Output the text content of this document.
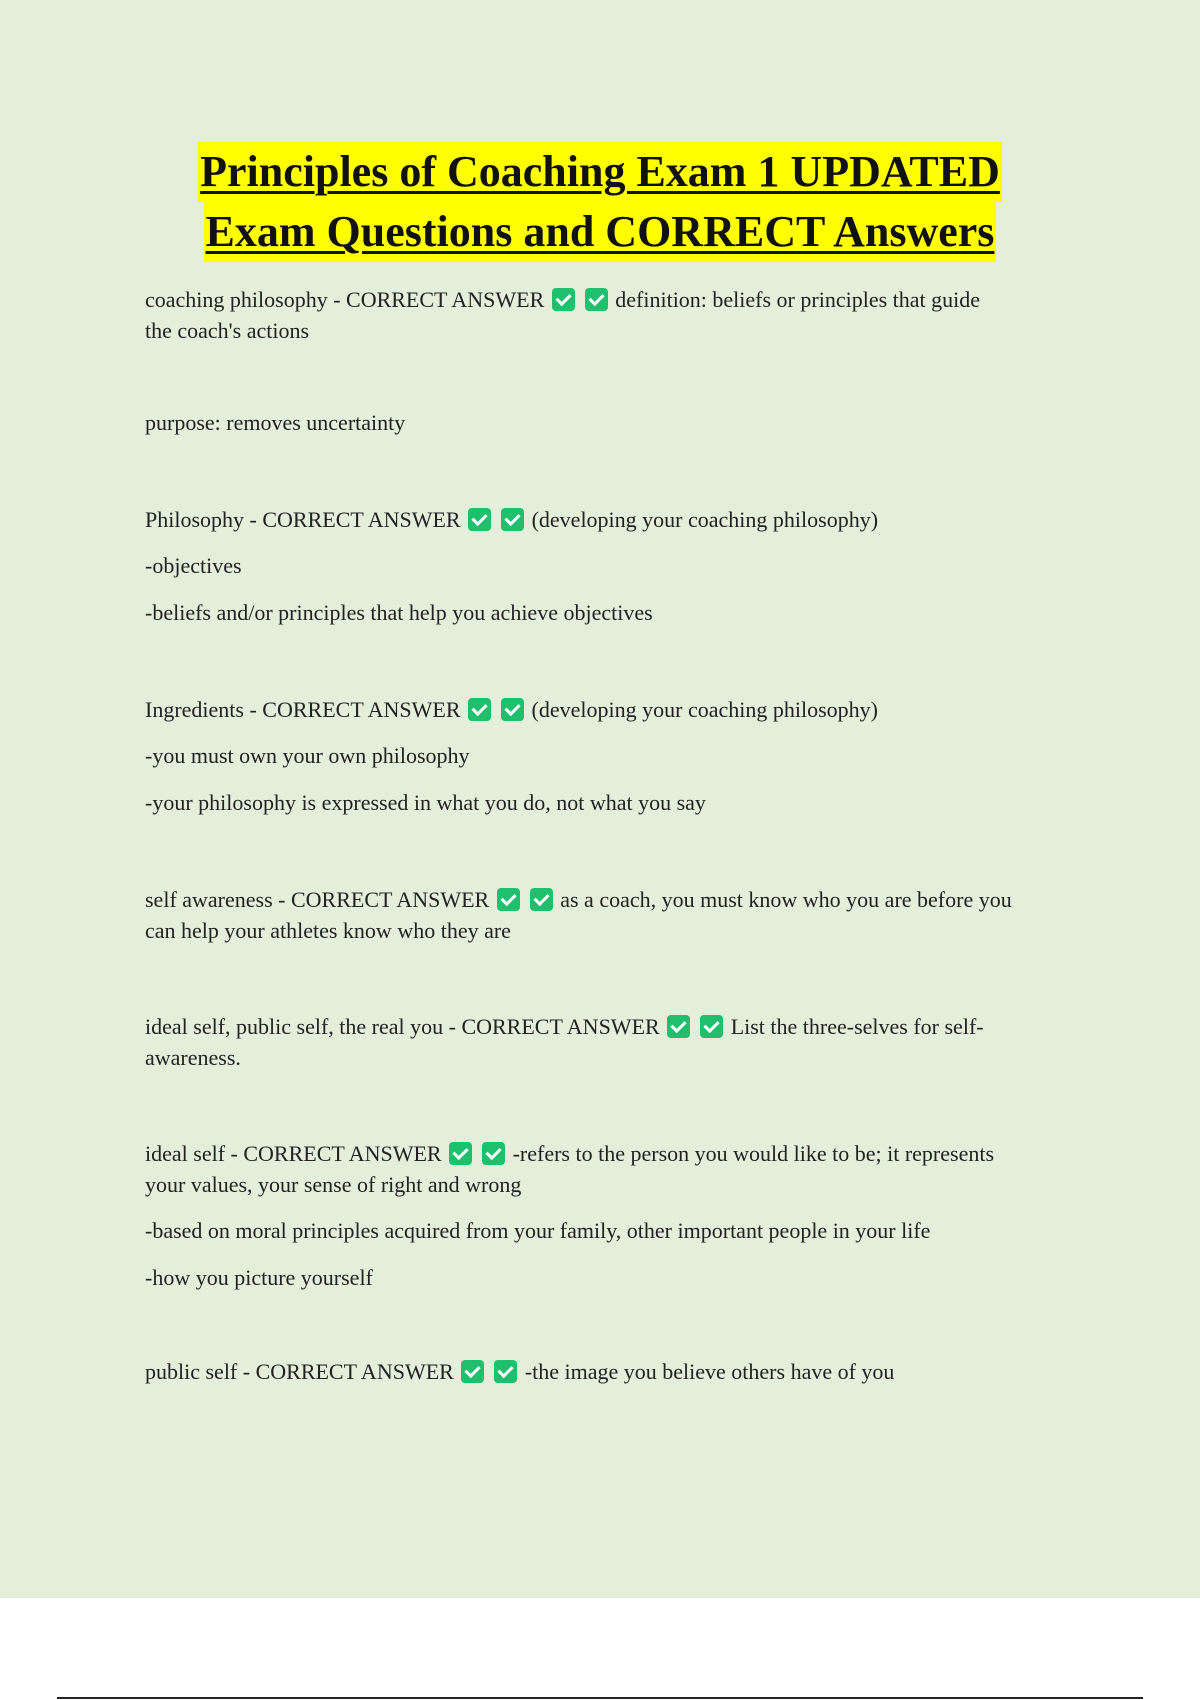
Principles of Coaching Exam 1 UPDATED
Exam Questions and CORRECT Answers
coaching philosophy - CORRECT ANSWER	definition: beliefs or principles that guide
the coach's actions
purpose: removes uncertainty
Philosophy - CORRECT ANSWER	(developing your coaching philosophy)
-objectives
-beliefs and/or principles that help you achieve objectives
Ingredients - CORRECT ANSWER	(developing your coaching philosophy)
-you must own your own philosophy
-your philosophy is expressed in what you do, not what you say
self awareness - CORRECT ANSWER	as a coach, you must know who you are before you
can help your athletes know who they are
ideal self, public self, the real you - CORRECT ANSWER	List the three-selves for self-
awareness.
ideal self - CORRECT ANSWER	-refers to the person you would like to be; it represents
your values, your sense of right and wrong
-based on moral principles acquired from your family, other important people in your life
-how you picture yourself
public self - CORRECT ANSWER	-the image you believe others have of you
